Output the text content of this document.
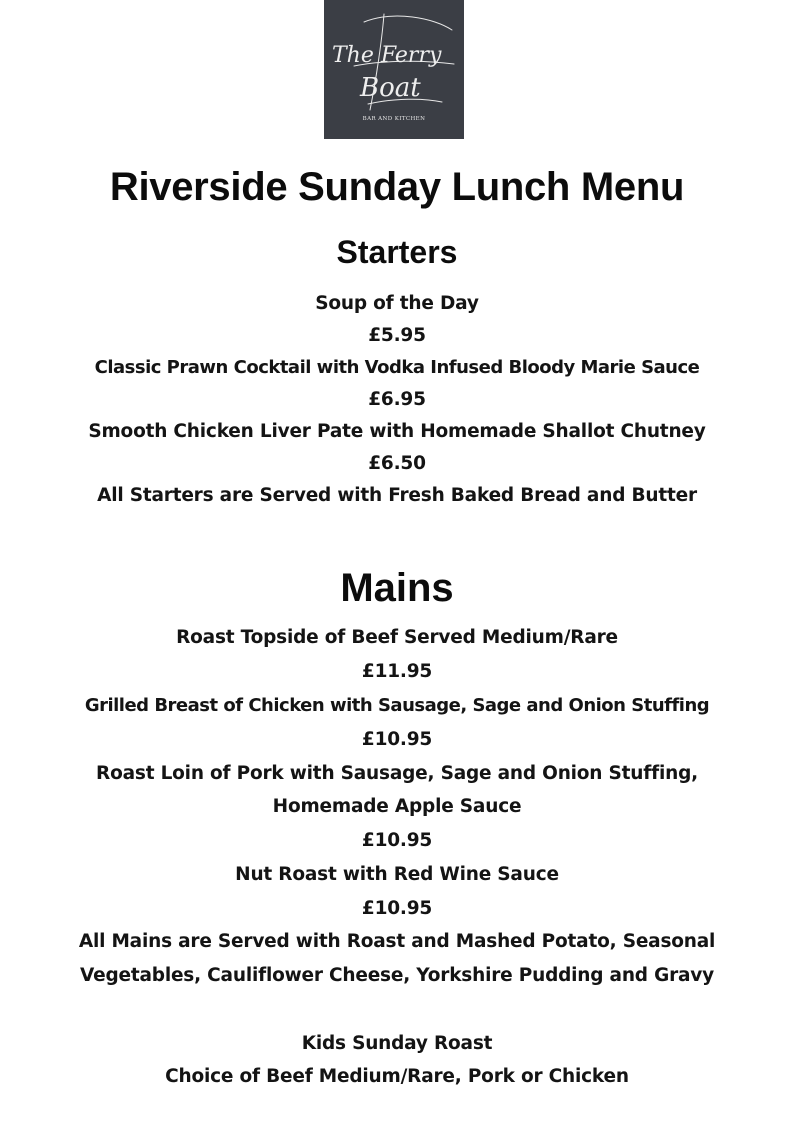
The Ferry
Boat
BAR AND KITCHEN
Riverside Sunday Lunch Menu
Starters
Soup of the Day
£5.95
Classic Prawn Cocktail with Vodka Infused Bloody Marie Sauce
£6.95
Smooth Chicken Liver Pate with Homemade Shallot Chutney
£6.50
All Starters are Served with Fresh Baked Bread and Butter
Mains
Roast Topside of Beef Served Medium/Rare
£11.95
Grilled Breast of Chicken with Sausage, Sage and Onion Stuffing
£10.95
Roast Loin of Pork with Sausage, Sage and Onion Stuffing,
Homemade Apple Sauce
£10.95
Nut Roast with Red Wine Sauce
£10.95
All Mains are Served with Roast and Mashed Potato, Seasonal
Vegetables, Cauliflower Cheese, Yorkshire Pudding and Gravy
Kids Sunday Roast
Choice of Beef Medium/Rare, Pork or Chicken
